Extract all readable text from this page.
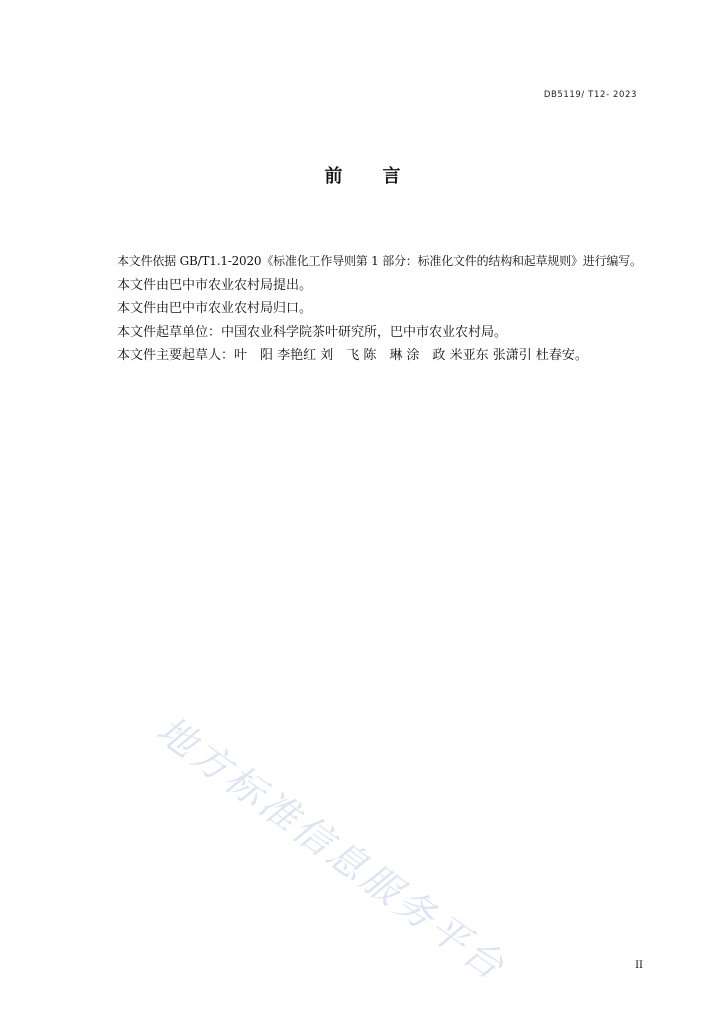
DB5119/ T12- 2023

前 言

本文件依据 GB/T1.1-2020《标准化工作导则第 1 部分：标准化文件的结构和起草规则》进行编写。

本文件由巴中市农业农村局提出。

本文件由巴中市农业农村局归口。

本文件起草单位：中国农业科学院茶叶研究所，巴中市农业农村局。

本文件主要起草人：叶　阳 李艳红 刘　飞 陈　琳 涂　政 米亚东 张潇引 杜春安。

地方标准信息服务平台	II
